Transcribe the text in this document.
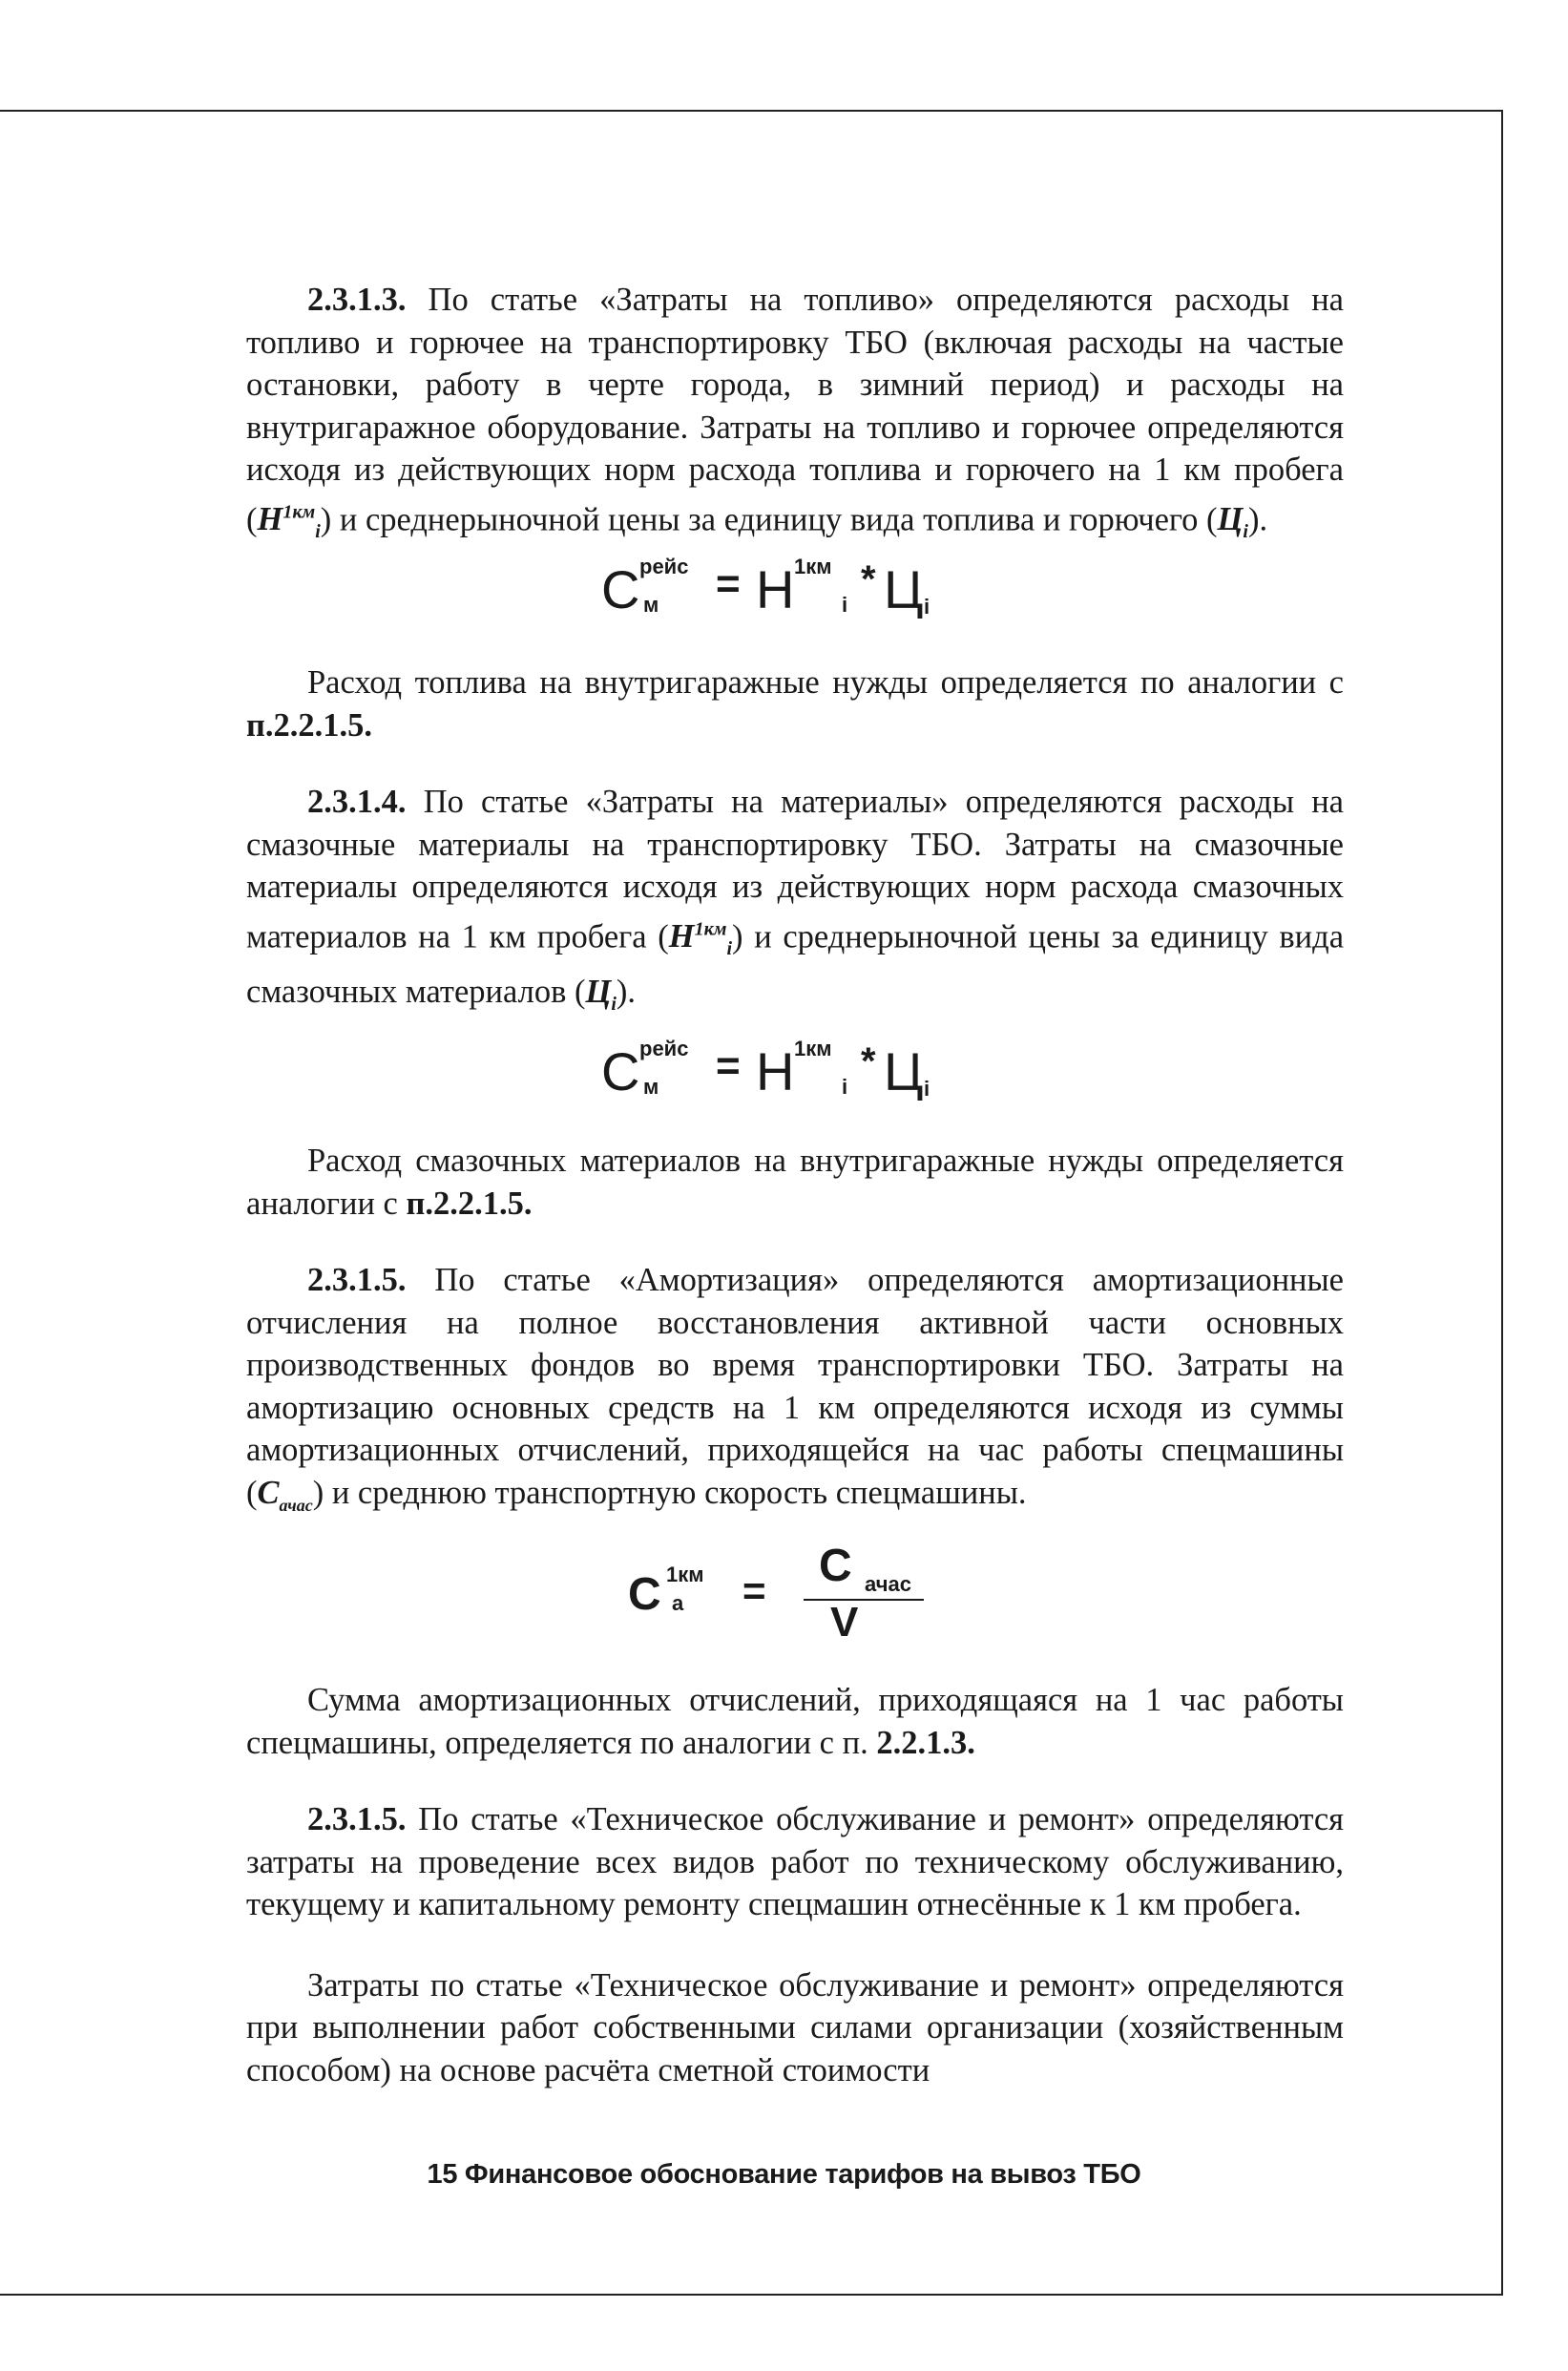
2.3.1.3. По статье «Затраты на топливо» определяются расходы на топливо и горючее на транспортировку ТБО (включая расходы на частые остановки, работу в черте города, в зимний период) и расходы на внутригаражное оборудование. Затраты на топливо и горючее определяются исходя из действующих норм расхода топлива и горючего на 1 км пробега $(H^{1км}_i)$ и среднерыночной цены за единицу вида топлива и горючего $(Ц_i)$.

С рейс
м = Н 1км
i
* Ц i

Расход топлива на внутригаражные нужды определяется по аналогии с п.2.2.1.5.

2.3.1.4. По статье «Затраты на материалы» определяются расходы на смазочные материалы на транспортировку ТБО. Затраты на смазочные материалы определяются исходя из действующих норм расхода смазочных материалов на 1 км пробега $(H^{1км}_i)$ и среднерыночной цены за единицу вида смазочных материалов $(Ц_i)$.

С рейс
м = Н 1км
i
* Ц i

Расход смазочных материалов на внутригаражные нужды определяется аналогии с п.2.2.1.5.

2.3.1.5. По статье «Амортизация» определяются амортизационные отчисления на полное восстановления активной части основных производственных фондов во время транспортировки ТБО. Затраты на амортизацию основных средств на 1 км определяются исходя из суммы амортизационных отчислений, приходящейся на час работы спецмашины $(С_{ачас})$ и среднюю транспортную скорость спецмашины.

С 1км
а = С ачас
V

Сумма амортизационных отчислений, приходящаяся на 1 час работы спецмашины, определяется по аналогии с п. 2.2.1.3.

2.3.1.5. По статье «Техническое обслуживание и ремонт» определяются затраты на проведение всех видов работ по техническому обслуживанию, текущему и капитальному ремонту спецмашин отнесённые к 1 км пробега.

Затраты по статье «Техническое обслуживание и ремонт» определяются при выполнении работ собственными силами организации (хозяйственным способом) на основе расчёта сметной стоимости

15 Финансовое обоснование тарифов на вывоз ТБО
